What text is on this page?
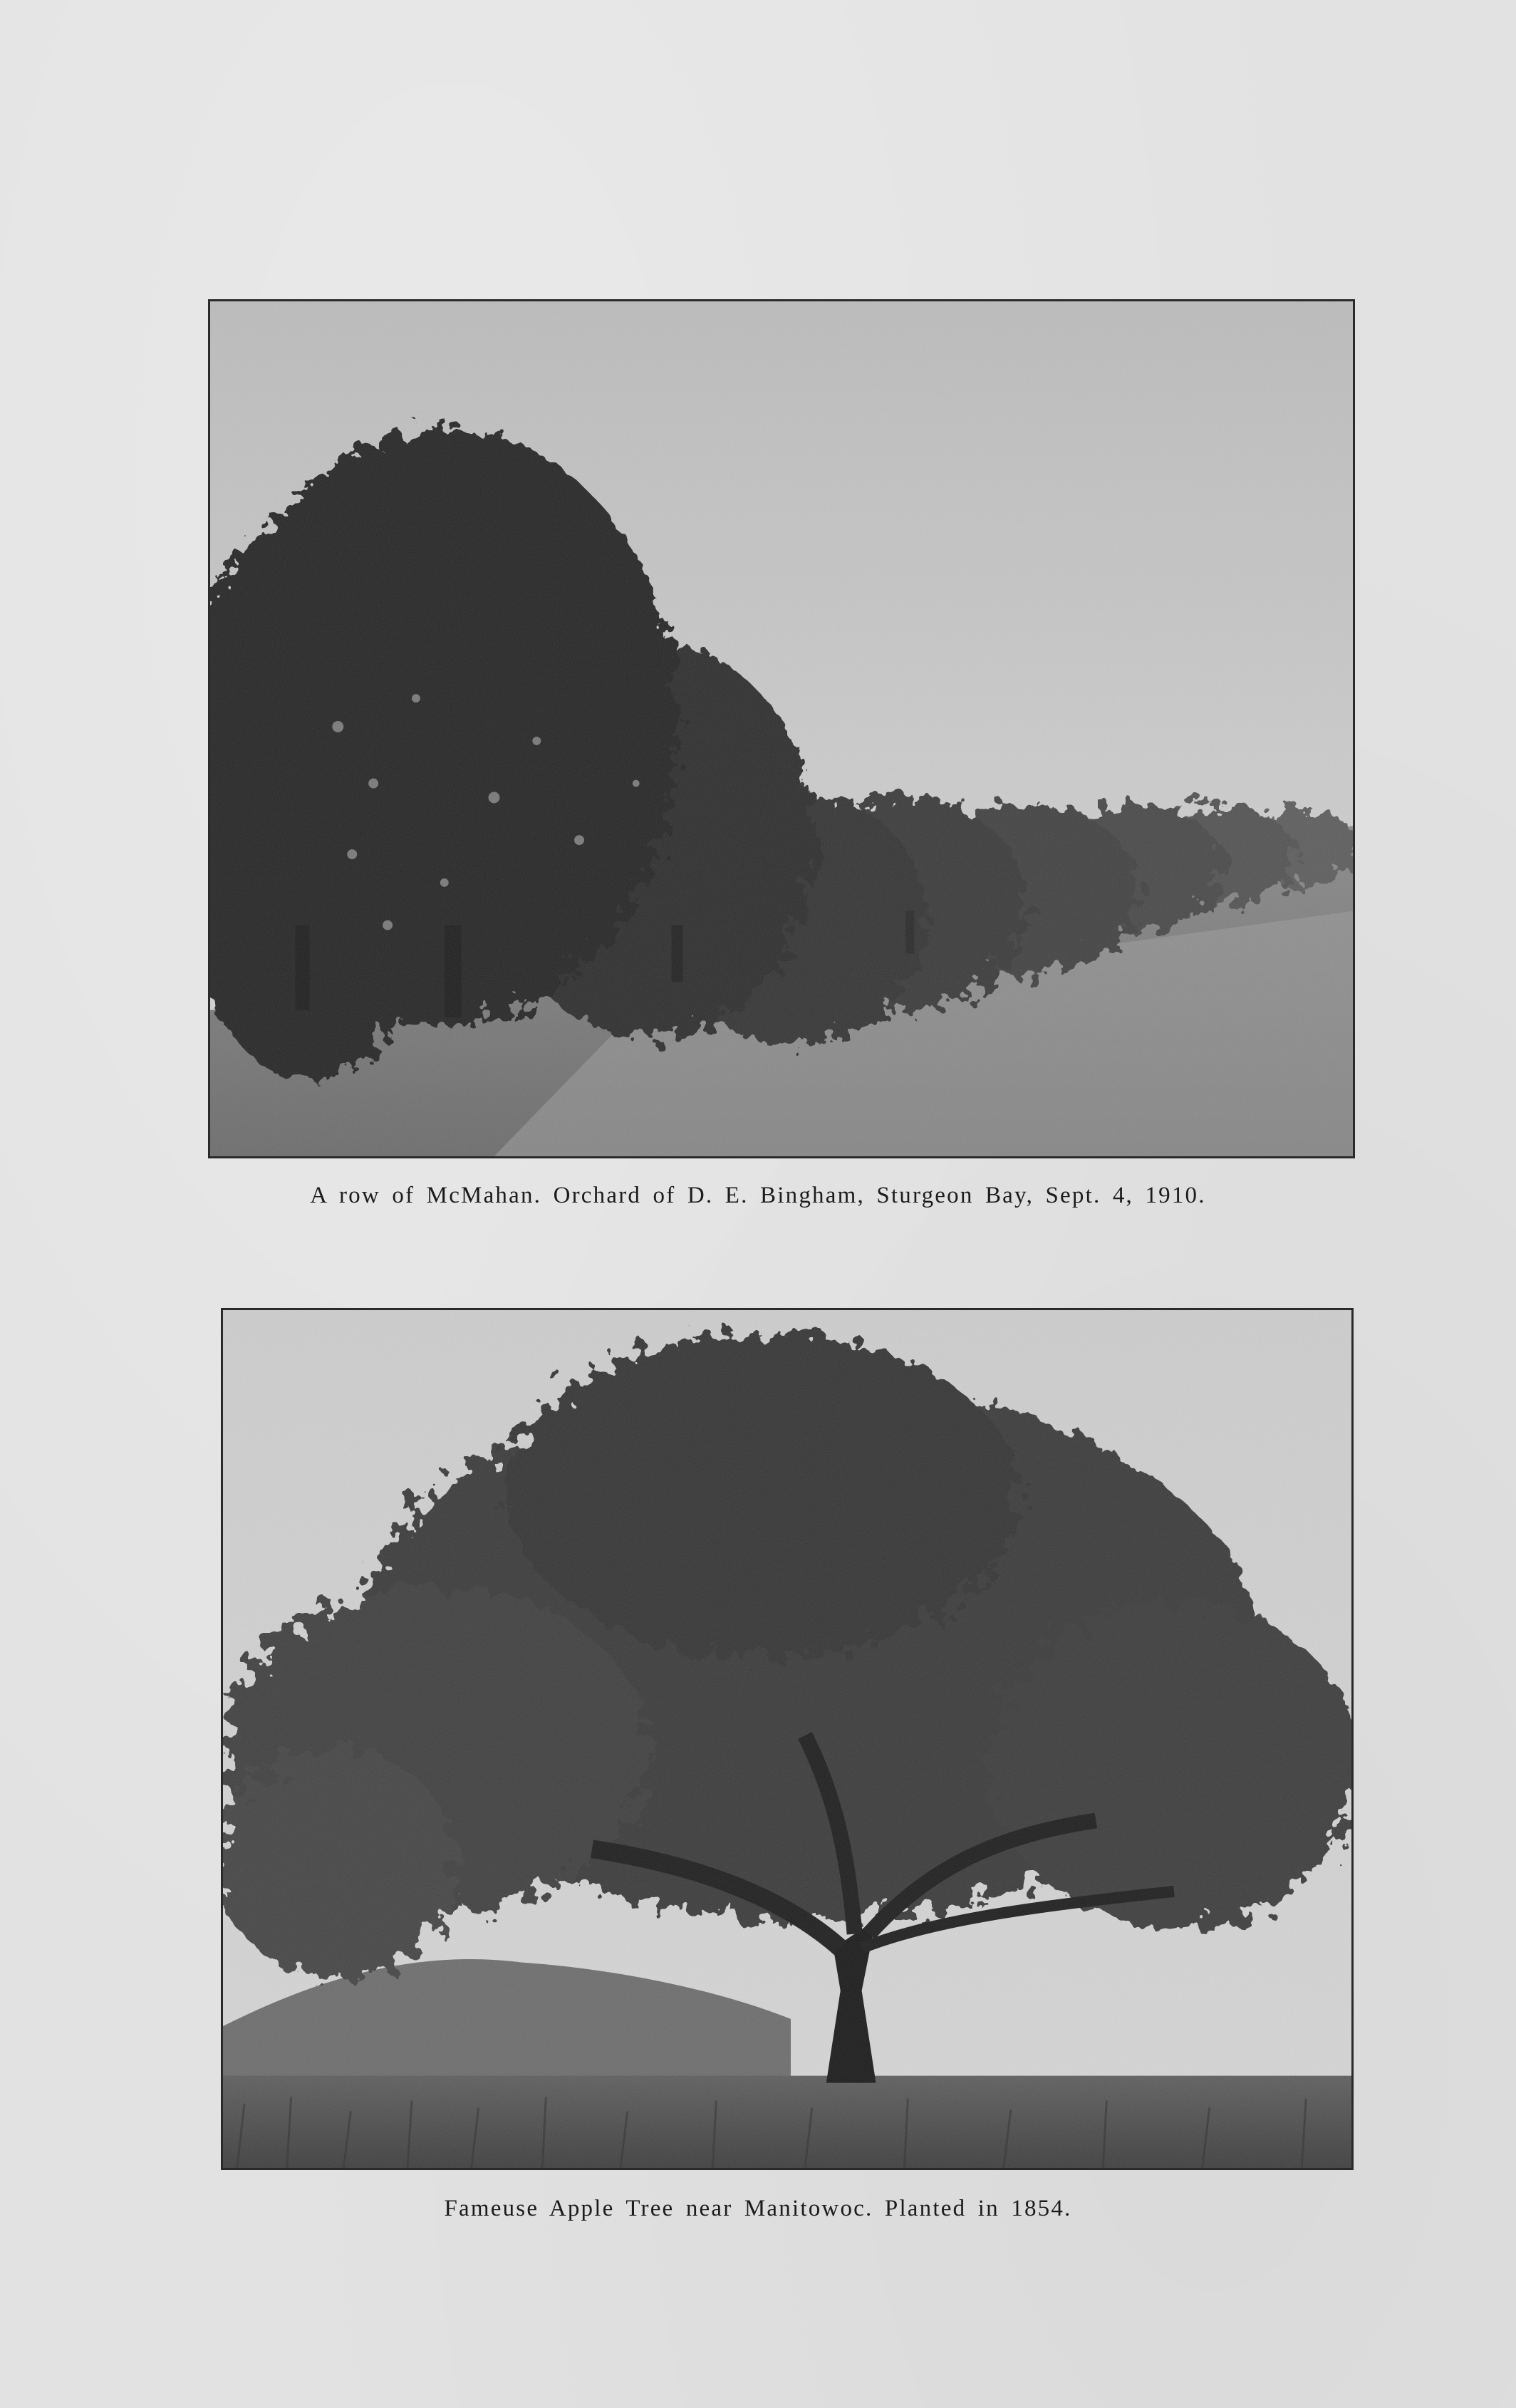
A row of McMahan. Orchard of D. E. Bingham, Sturgeon Bay, Sept. 4, 1910.
Fameuse Apple Tree near Manitowoc. Planted in 1854.
